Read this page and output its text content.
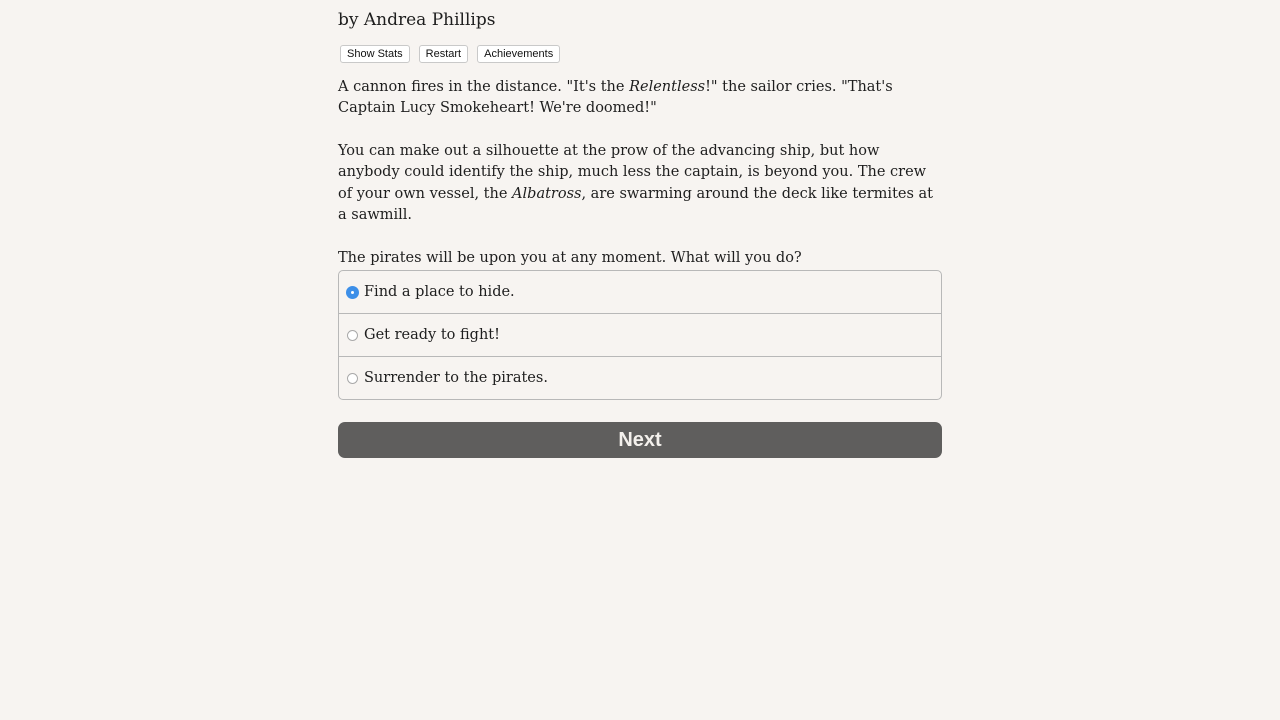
by Andrea Phillips
Show Stats	Restart	Achievements

A cannon fires in the distance. "It's the Relentless!" the sailor cries. "That's Captain Lucy Smokeheart! We're doomed!"

You can make out a silhouette at the prow of the advancing ship, but how anybody could identify the ship, much less the captain, is beyond you. The crew of your own vessel, the Albatross, are swarming around the deck like termites at a sawmill.

The pirates will be upon you at any moment. What will you do?

Find a place to hide.
Get ready to fight!
Surrender to the pirates.
Next
